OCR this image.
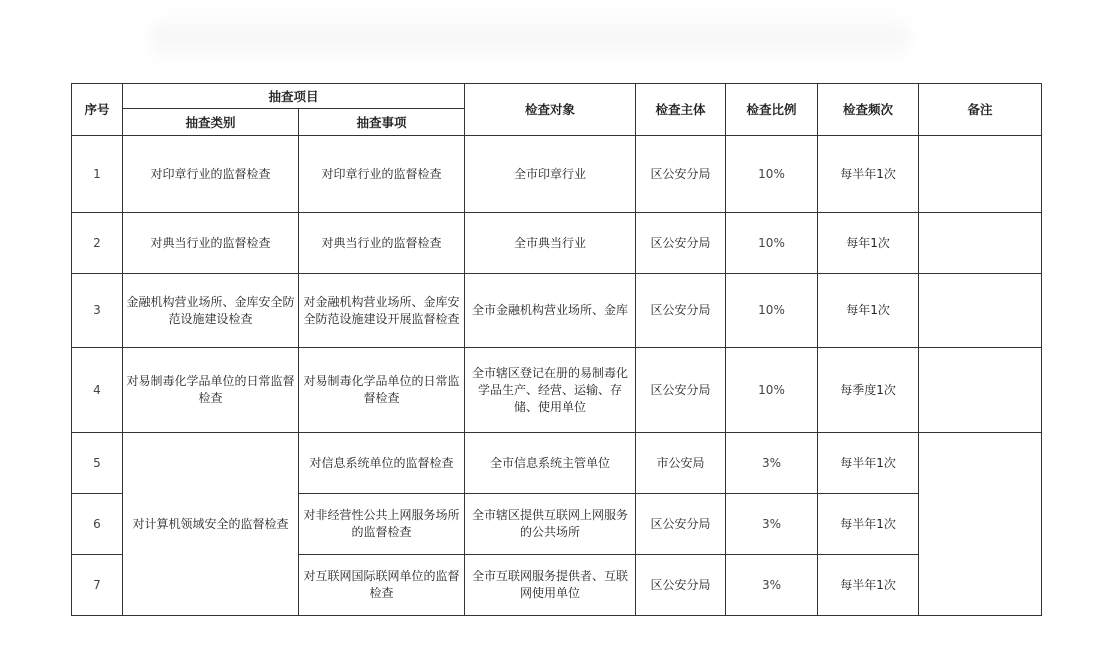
序号	抽查项目		检查对象	检查主体	检查比例	检查频次	备注
	抽查类别	抽查事项					
1	对印章行业的监督检查	对印章行业的监督检查	全市印章行业	区公安分局	10%	每半年1次	
2	对典当行业的监督检查	对典当行业的监督检查	全市典当行业	区公安分局	10%	每年1次	
3	金融机构营业场所、金库安全防范设施建设检查	对金融机构营业场所、金库安全防范设施建设开展监督检查	全市金融机构营业场所、金库	区公安分局	10%	每年1次	
4	对易制毒化学品单位的日常监督检查	对易制毒化学品单位的日常监督检查	全市辖区登记在册的易制毒化学品生产、经营、运输、存储、使用单位	区公安分局	10%	每季度1次	
5	对计算机领域安全的监督检查	对信息系统单位的监督检查	全市信息系统主管单位	市公安局	3%	每半年1次	
6		对非经营性公共上网服务场所的监督检查	全市辖区提供互联网上网服务的公共场所	区公安分局	3%	每半年1次	
7		对互联网国际联网单位的监督检查	全市互联网服务提供者、互联网使用单位	区公安分局	3%	每半年1次	
